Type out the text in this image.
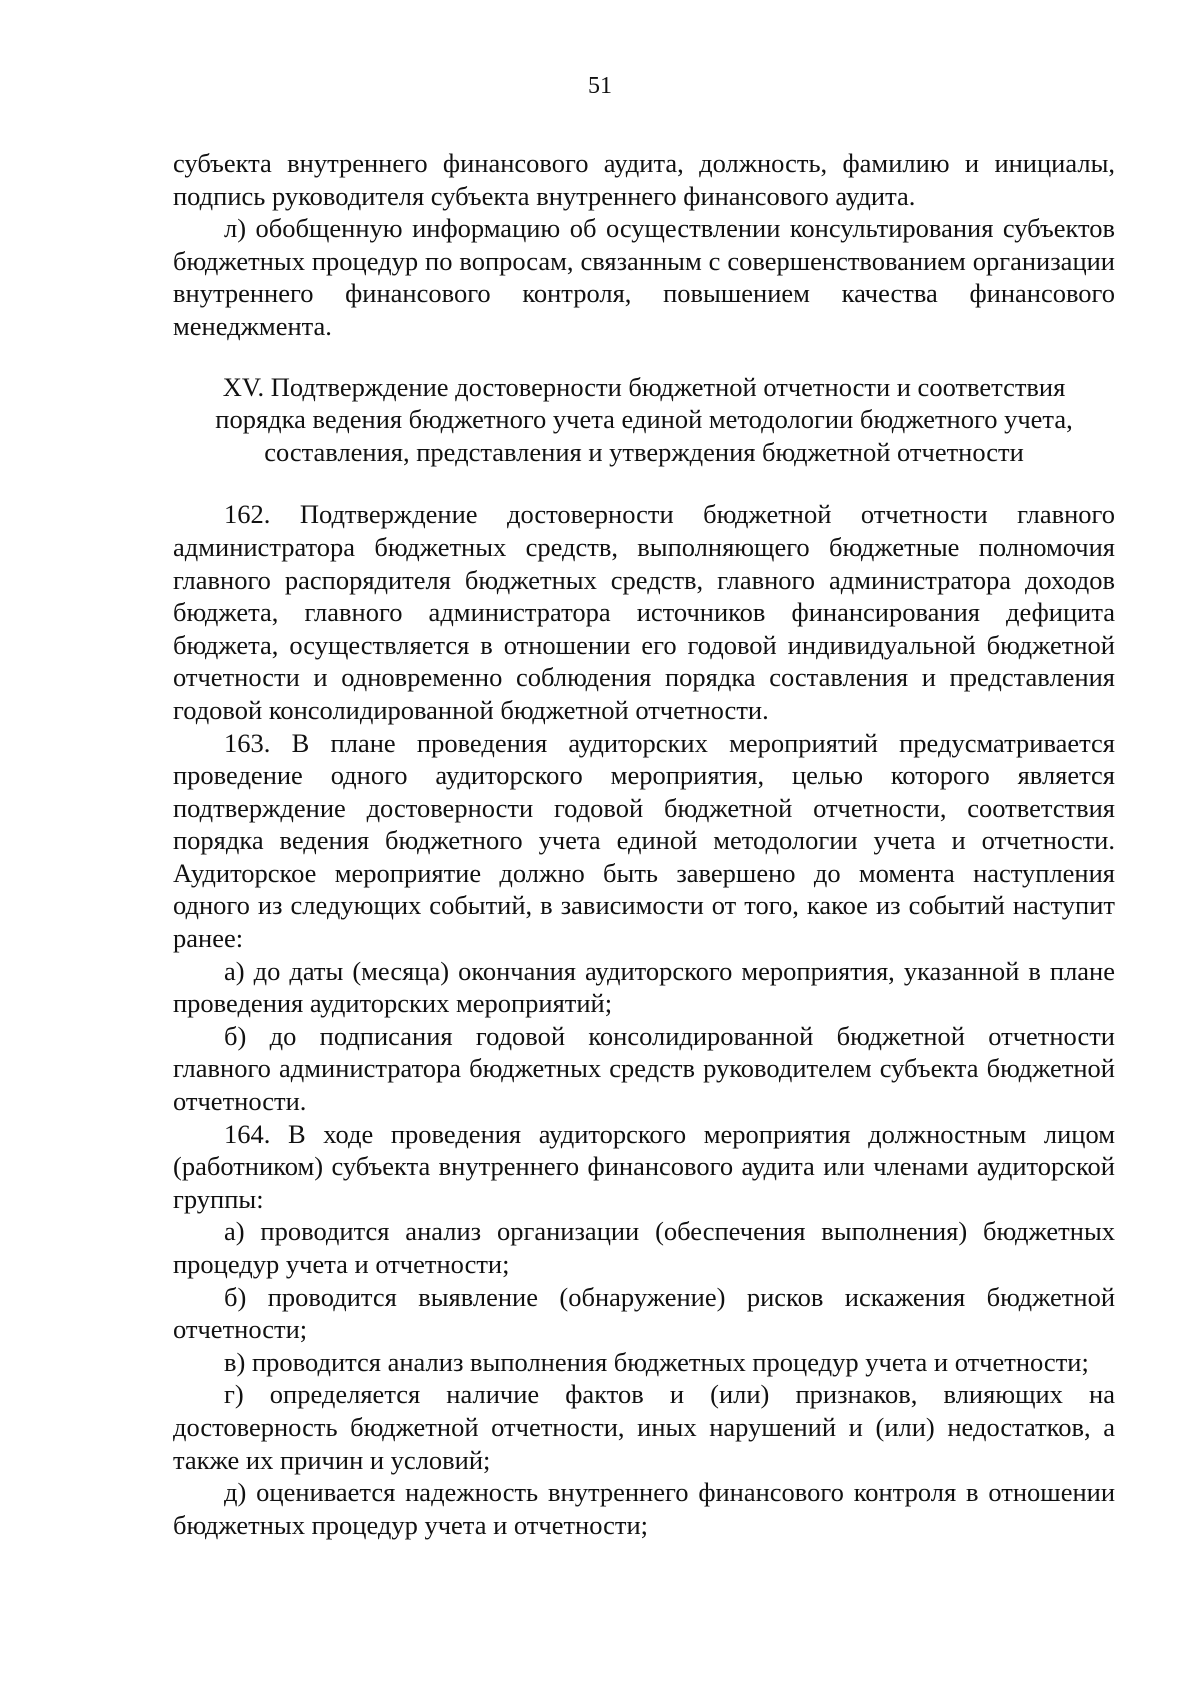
51

субъекта внутреннего финансового аудита, должность, фамилию и инициалы, подпись руководителя субъекта внутреннего финансового аудита.

л) обобщенную информацию об осуществлении консультирования субъектов бюджетных процедур по вопросам, связанным с совершенствованием организации внутреннего финансового контроля, повышением качества финансового менеджмента.

XV. Подтверждение достоверности бюджетной отчетности и соответствия
порядка ведения бюджетного учета единой методологии бюджетного учета,
составления, представления и утверждения бюджетной отчетности

162. Подтверждение достоверности бюджетной отчетности главного администратора бюджетных средств, выполняющего бюджетные полномочия главного распорядителя бюджетных средств, главного администратора доходов бюджета, главного администратора источников финансирования дефицита бюджета, осуществляется в отношении его годовой индивидуальной бюджетной отчетности и одновременно соблюдения порядка составления и представления годовой консолидированной бюджетной отчетности.

163. В плане проведения аудиторских мероприятий предусматривается проведение одного аудиторского мероприятия, целью которого является подтверждение достоверности годовой бюджетной отчетности, соответствия порядка ведения бюджетного учета единой методологии учета и отчетности. Аудиторское мероприятие должно быть завершено до момента наступления одного из следующих событий, в зависимости от того, какое из событий наступит ранее:

а) до даты (месяца) окончания аудиторского мероприятия, указанной в плане проведения аудиторских мероприятий;

б) до подписания годовой консолидированной бюджетной отчетности главного администратора бюджетных средств руководителем субъекта бюджетной отчетности.

164. В ходе проведения аудиторского мероприятия должностным лицом (работником) субъекта внутреннего финансового аудита или членами аудиторской группы:

а) проводится анализ организации (обеспечения выполнения) бюджетных процедур учета и отчетности;

б) проводится выявление (обнаружение) рисков искажения бюджетной отчетности;

в) проводится анализ выполнения бюджетных процедур учета и отчетности;

г) определяется наличие фактов и (или) признаков, влияющих на достоверность бюджетной отчетности, иных нарушений и (или) недостатков, а также их причин и условий;

д) оценивается надежность внутреннего финансового контроля в отношении бюджетных процедур учета и отчетности;
